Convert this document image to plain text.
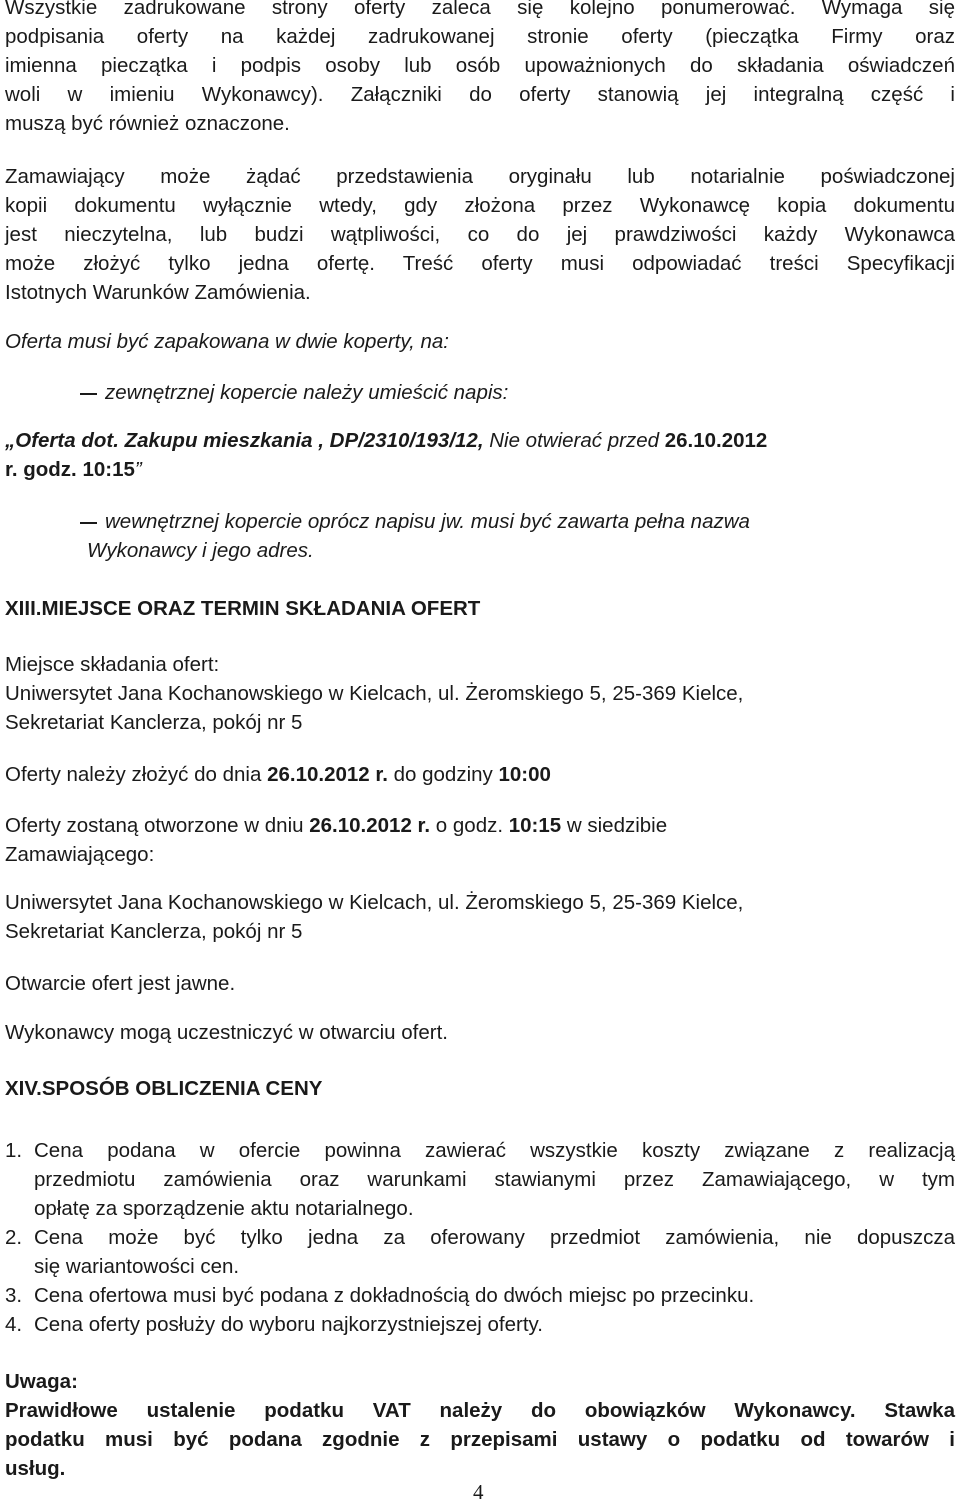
Wszystkie zadrukowane strony oferty zaleca się kolejno ponumerować. Wymaga się
podpisania oferty na każdej zadrukowanej stronie oferty (pieczątka Firmy oraz
imienna pieczątka i podpis osoby lub osób upoważnionych do składania oświadczeń
woli w imieniu Wykonawcy). Załączniki do oferty stanowią jej integralną część i
muszą być również oznaczone.
Zamawiający może żądać przedstawienia oryginału lub notarialnie poświadczonej
kopii dokumentu wyłącznie wtedy, gdy złożona przez Wykonawcę kopia dokumentu
jest nieczytelna, lub budzi wątpliwości, co do jej prawdziwości każdy Wykonawca
może złożyć tylko jedna ofertę. Treść oferty musi odpowiadać treści Specyfikacji
Istotnych Warunków Zamówienia.
Oferta musi być zapakowana w dwie koperty, na:
zewnętrznej kopercie należy umieścić napis:
„Oferta dot. Zakupu mieszkania , DP/2310/193/12, Nie otwierać przed 26.10.2012
r. godz. 10:15”
wewnętrznej kopercie oprócz napisu jw. musi być zawarta pełna nazwa
Wykonawcy i jego adres.
XIII.MIEJSCE ORAZ TERMIN SKŁADANIA OFERT
Miejsce składania ofert:
Uniwersytet Jana Kochanowskiego w Kielcach, ul. Żeromskiego 5, 25-369 Kielce,
Sekretariat Kanclerza, pokój nr 5
Oferty należy złożyć do dnia 26.10.2012 r. do godziny 10:00
Oferty zostaną otworzone w dniu 26.10.2012 r. o godz. 10:15 w siedzibie
Zamawiającego:
Uniwersytet Jana Kochanowskiego w Kielcach, ul. Żeromskiego 5, 25-369 Kielce,
Sekretariat Kanclerza, pokój nr 5
Otwarcie ofert jest jawne.
Wykonawcy mogą uczestniczyć w otwarciu ofert.
XIV.SPOSÓB OBLICZENIA CENY
1. Cena podana w ofercie powinna zawierać wszystkie koszty związane z realizacją
przedmiotu zamówienia oraz warunkami stawianymi przez Zamawiającego, w tym
opłatę za sporządzenie aktu notarialnego.
2. Cena może być tylko jedna za oferowany przedmiot zamówienia, nie dopuszcza
się wariantowości cen.
3. Cena ofertowa musi być podana z dokładnością do dwóch miejsc po przecinku.
4. Cena oferty posłuży do wyboru najkorzystniejszej oferty.
Uwaga:
Prawidłowe ustalenie podatku VAT należy do obowiązków Wykonawcy. Stawka
podatku musi być podana zgodnie z przepisami ustawy o podatku od towarów i
usług.
4
